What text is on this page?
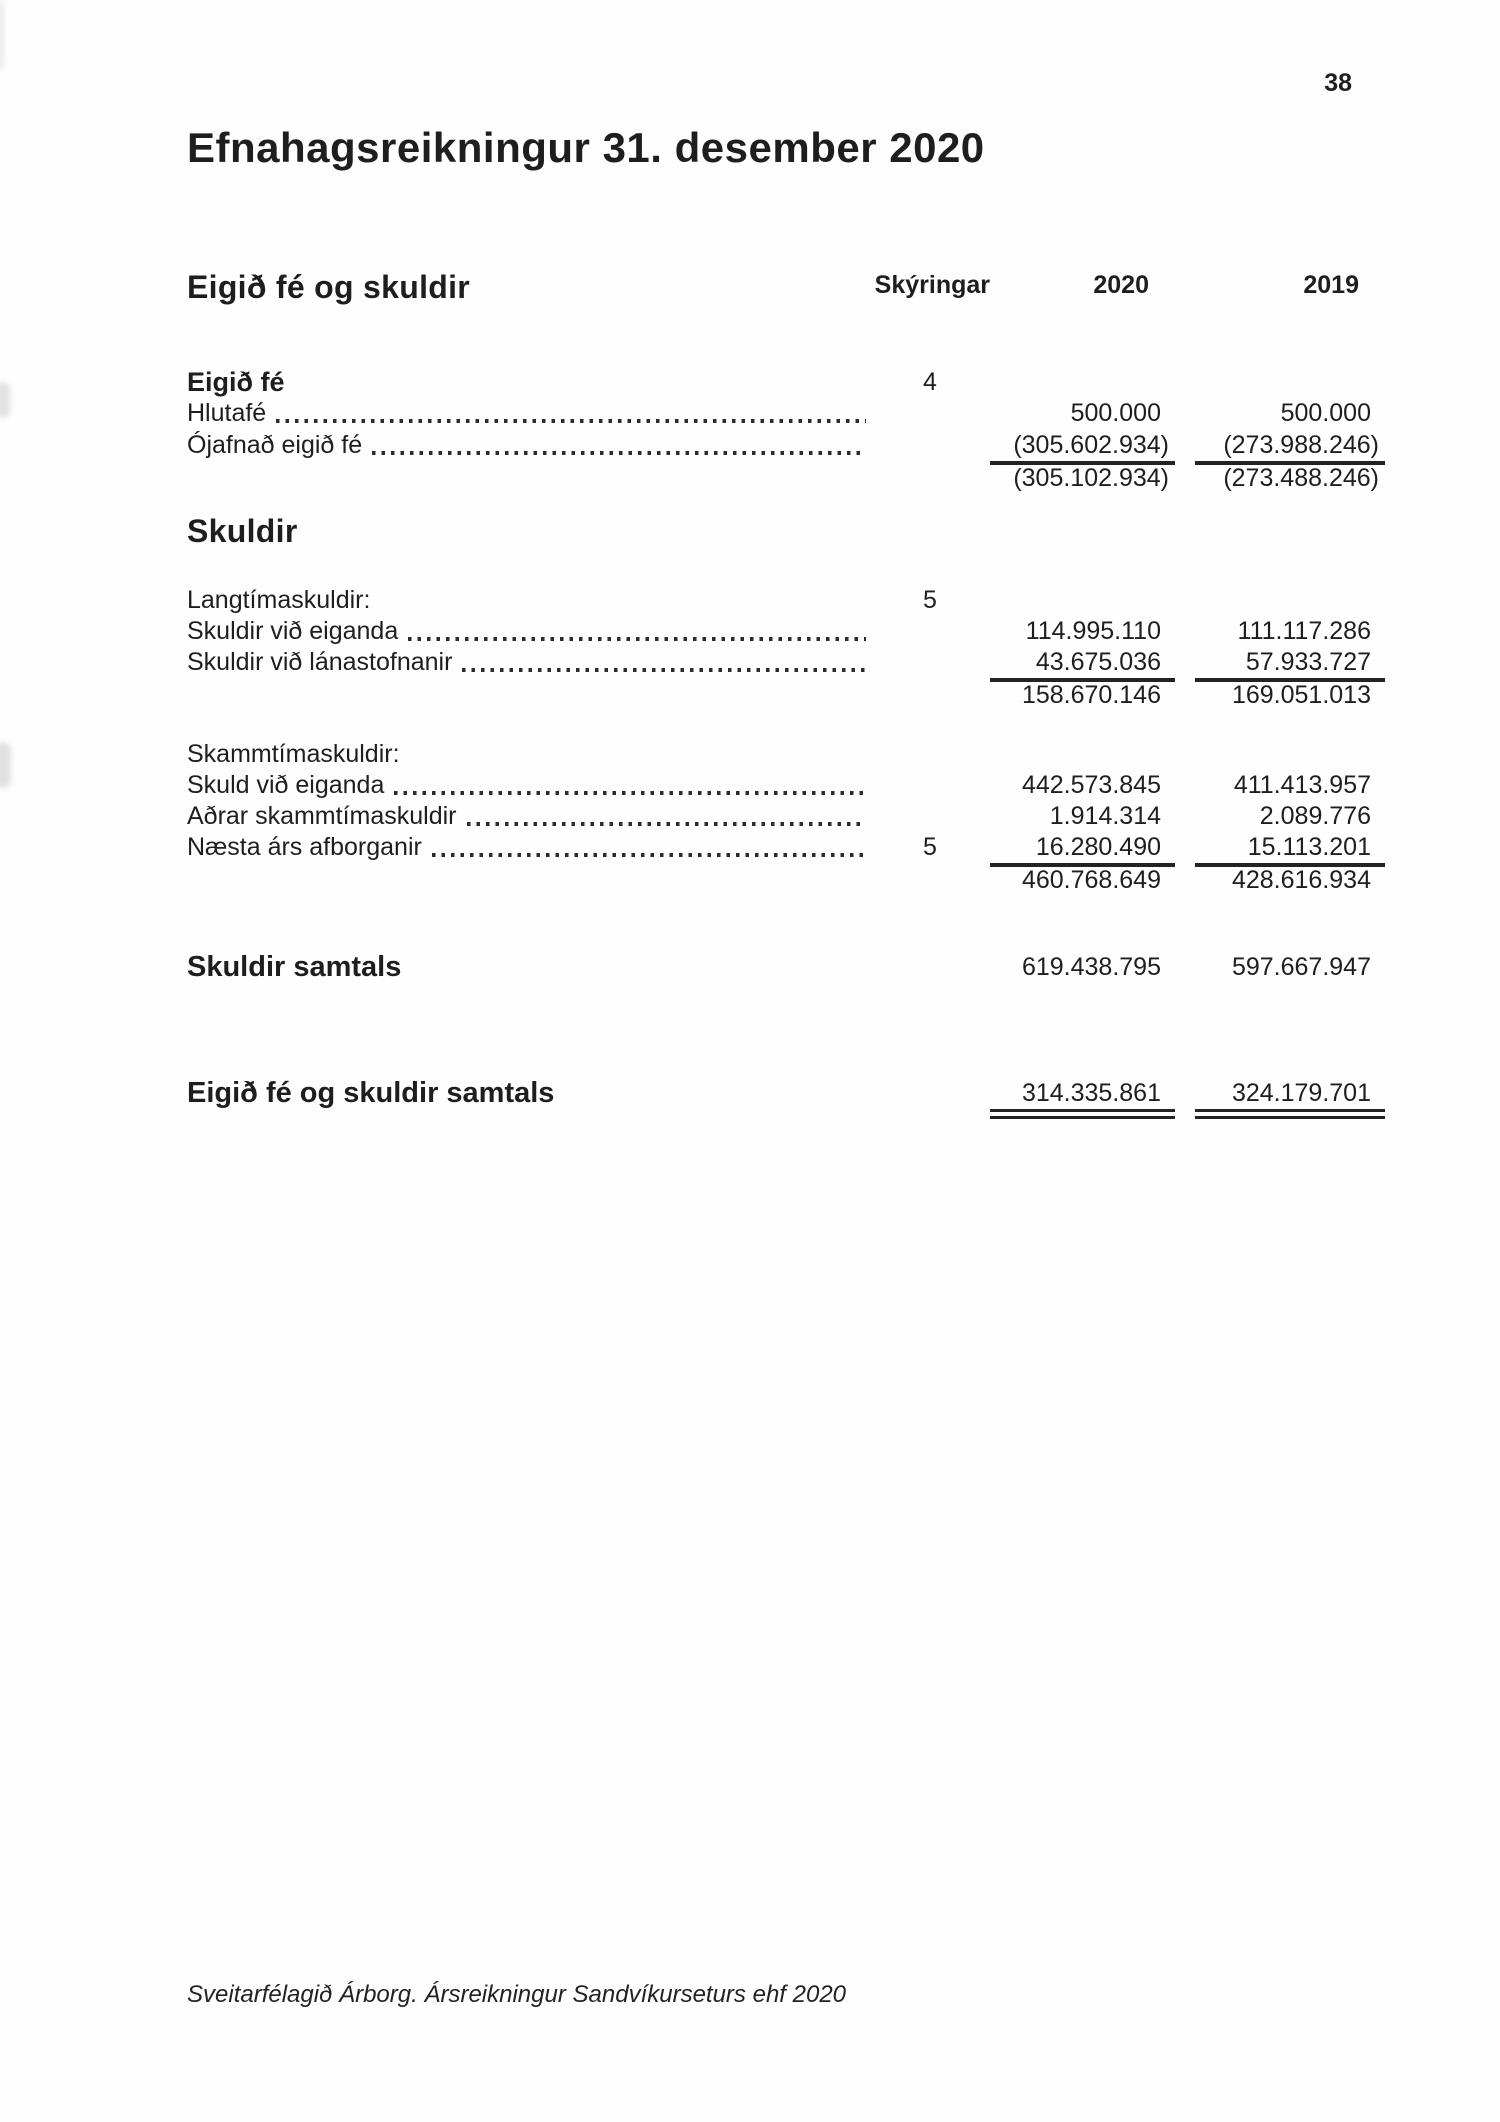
38
Efnahagsreikningur 31. desember 2020
Eigið fé og skuldir	Skýringar	2020	2019
Eigið fé	4
Hlutafé	500.000	500.000
Ójafnað eigið fé	(305.602.934)	(273.988.246)
(305.102.934)	(273.488.246)
Skuldir
Langtímaskuldir:	5
Skuldir við eiganda	114.995.110	111.117.286
Skuldir við lánastofnanir	43.675.036	57.933.727
158.670.146	169.051.013
Skammtímaskuldir:
Skuld við eiganda	442.573.845	411.413.957
Aðrar skammtímaskuldir	1.914.314	2.089.776
Næsta árs afborganir	5	16.280.490	15.113.201
460.768.649	428.616.934
Skuldir samtals	619.438.795	597.667.947
Eigið fé og skuldir samtals	314.335.861	324.179.701
Sveitarfélagið Árborg. Ársreikningur Sandvíkurseturs ehf 2020
